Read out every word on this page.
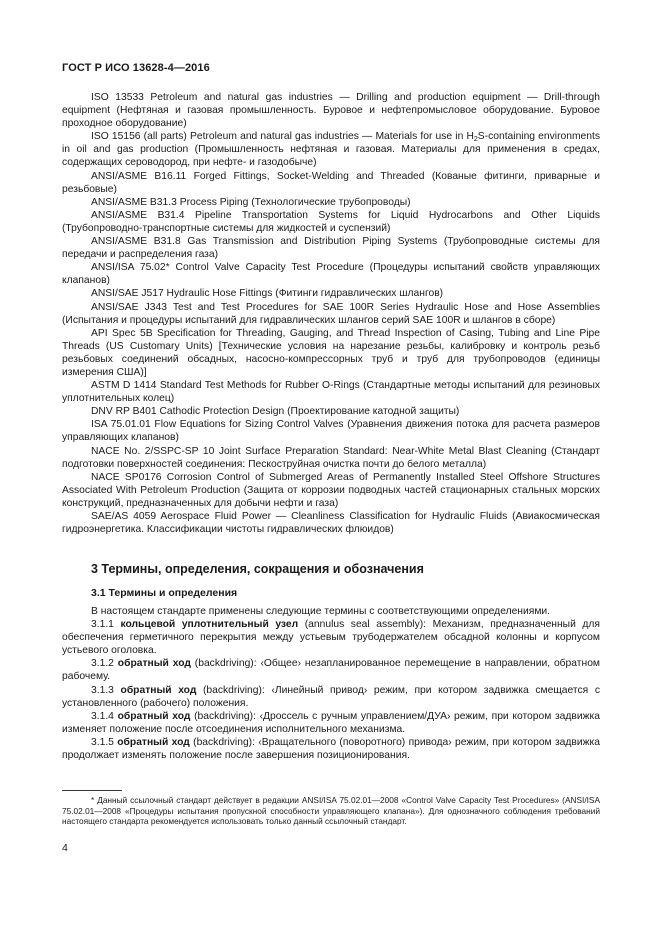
ГОСТ Р ИСО 13628-4—2016

ISO 13533 Petroleum and natural gas industries — Drilling and production equipment — Drill-through equipment (Нефтяная и газовая промышленность. Буровое и нефтепромысловое оборудование. Буровое проходное оборудование)

ISO 15156 (all parts) Petroleum and natural gas industries — Materials for use in $H_2S$-containing environments in oil and gas production (Промышленность нефтяная и газовая. Материалы для применения в средах, содержащих сероводород, при нефте- и газодобыче)

ANSI/ASME B16.11 Forged Fittings, Socket-Welding and Threaded (Кованые фитинги, приварные и резьбовые)

ANSI/ASME B31.3 Process Piping (Технологические трубопроводы)

ANSI/ASME B31.4 Pipeline Transportation Systems for Liquid Hydrocarbons and Other Liquids (Трубопроводно-транспортные системы для жидкостей и суспензий)

ANSI/ASME B31.8 Gas Transmission and Distribution Piping Systems (Трубопроводные системы для передачи и распределения газа)

ANSI/ISA 75.02* Control Valve Capacity Test Procedure (Процедуры испытаний свойств управляющих клапанов)

ANSI/SAE J517 Hydraulic Hose Fittings (Фитинги гидравлических шлангов)

ANSI/SAE J343 Test and Test Procedures for SAE 100R Series Hydraulic Hose and Hose Assemblies (Испытания и процедуры испытаний для гидравлических шлангов серий SAE 100R и шлангов в сборе)

API Spec 5B Specification for Threading, Gauging, and Thread Inspection of Casing, Tubing and Line Pipe Threads (US Customary Units) [Технические условия на нарезание резьбы, калибровку и контроль резьб резьбовых соединений обсадных, насосно-компрессорных труб и труб для трубопроводов (единицы измерения США)]

ASTM D 1414 Standard Test Methods for Rubber O-Rings (Стандартные методы испытаний для резиновых уплотнительных колец)

DNV RP B401 Cathodic Protection Design (Проектирование катодной защиты)

ISA 75.01.01 Flow Equations for Sizing Control Valves (Уравнения движения потока для расчета размеров управляющих клапанов)

NACE No. 2/SSPC-SP 10 Joint Surface Preparation Standard: Near-White Metal Blast Cleaning (Стандарт подготовки поверхностей соединения: Пескоструйная очистка почти до белого металла)

NACE SP0176 Corrosion Control of Submerged Areas of Permanently Installed Steel Offshore Structures Associated With Petroleum Production (Защита от коррозии подводных частей стационарных стальных морских конструкций, предназначенных для добычи нефти и газа)

SAE/AS 4059 Aerospace Fluid Power — Cleanliness Classification for Hydraulic Fluids (Авиакосмическая гидроэнергетика. Классификации чистоты гидравлических флюидов)

3 Термины, определения, сокращения и обозначения
3.1 Термины и определения

В настоящем стандарте применены следующие термины с соответствующими определениями.

3.1.1 кольцевой уплотнительный узел (annulus seal assembly): Механизм, предназначенный для обеспечения герметичного перекрытия между устьевым трубодержателем обсадной колонны и корпусом устьевого оголовка.

3.1.2 обратный ход (backdriving): ‹Общее› незапланированное перемещение в направлении, обратном рабочему.

3.1.3 обратный ход (backdriving): ‹Линейный привод› режим, при котором задвижка смещается с установленного (рабочего) положения.

3.1.4 обратный ход (backdriving): ‹Дроссель с ручным управлением/ДУА› режим, при котором задвижка изменяет положение после отсоединения исполнительного механизма.

3.1.5 обратный ход (backdriving): ‹Вращательного (поворотного) привода› режим, при котором задвижка продолжает изменять положение после завершения позиционирования.

* Данный ссылочный стандарт действует в редакции ANSI/ISA 75.02.01—2008 «Control Valve Capacity Test Procedures» (ANSI/ISA 75.02.01—2008 «Процедуры испытания пропускной способности управляющего клапана»). Для однозначного соблюдения требований настоящего стандарта рекомендуется использовать только данный ссылочный стандарт.

4
